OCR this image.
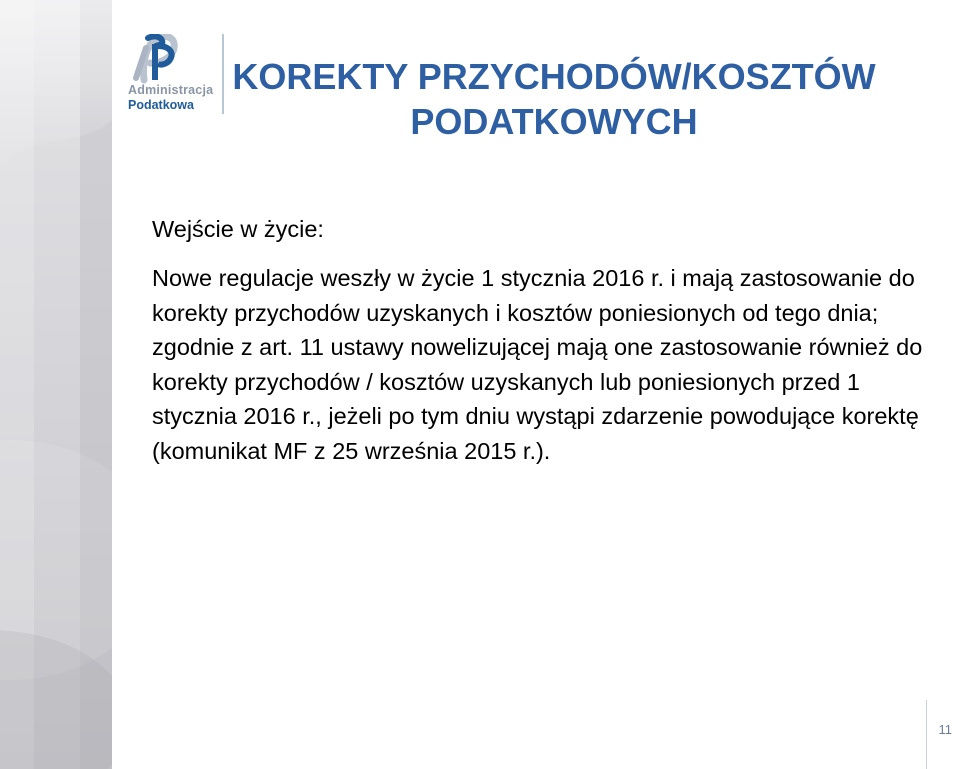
Administracja
Podatkowa
KOREKTY PRZYCHODÓW/KOSZTÓW
PODATKOWYCH

Wejście w życie:

Nowe regulacje weszły w życie 1 stycznia 2016 r. i mają zastosowanie do korekty przychodów uzyskanych i kosztów poniesionych od tego dnia; zgodnie z art. 11 ustawy nowelizującej mają one zastosowanie również do korekty przychodów / kosztów uzyskanych lub poniesionych przed 1 stycznia 2016 r., jeżeli po tym dniu wystąpi zdarzenie powodujące korektę (komunikat MF z 25 września 2015 r.).

11
